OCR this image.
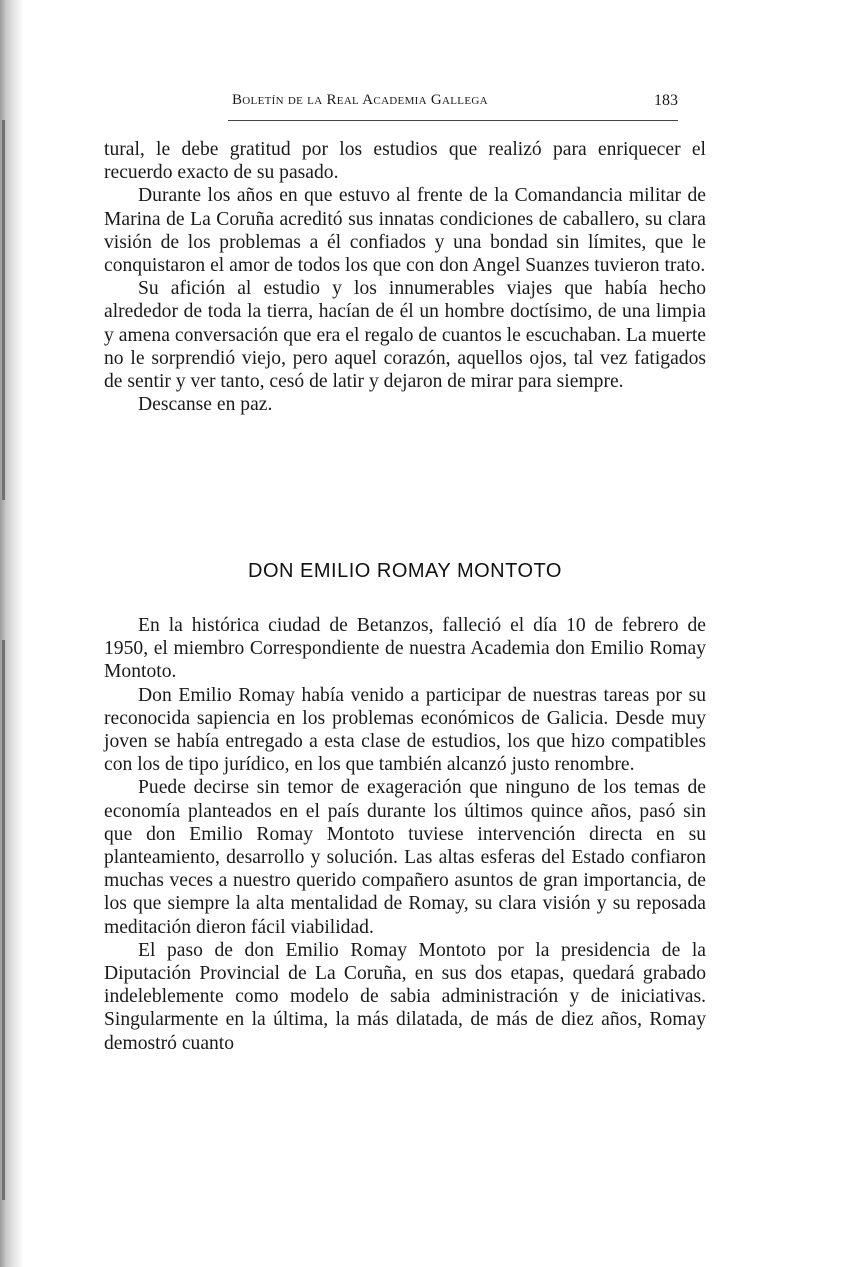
Boletín de la Real Academia Gallega	183

tural, le debe gratitud por los estudios que realizó para enriquecer el recuerdo exacto de su pasado.

Durante los años en que estuvo al frente de la Comandancia militar de Marina de La Coruña acreditó sus innatas condiciones de caballero, su clara visión de los problemas a él confiados y una bondad sin límites, que le conquistaron el amor de todos los que con don Angel Suanzes tuvieron trato.

Su afición al estudio y los innumerables viajes que había hecho alrededor de toda la tierra, hacían de él un hombre doctísimo, de una limpia y amena conversación que era el regalo de cuantos le escuchaban. La muerte no le sorprendió viejo, pero aquel corazón, aquellos ojos, tal vez fatigados de sentir y ver tanto, cesó de latir y dejaron de mirar para siempre.

Descanse en paz.

DON EMILIO ROMAY MONTOTO

En la histórica ciudad de Betanzos, falleció el día 10 de febrero de 1950, el miembro Correspondiente de nuestra Academia don Emilio Romay Montoto.

Don Emilio Romay había venido a participar de nuestras tareas por su reconocida sapiencia en los problemas económicos de Galicia. Desde muy joven se había entregado a esta clase de estudios, los que hizo compatibles con los de tipo jurídico, en los que también alcanzó justo renombre.

Puede decirse sin temor de exageración que ninguno de los temas de economía planteados en el país durante los últimos quince años, pasó sin que don Emilio Romay Montoto tuviese intervención directa en su planteamiento, desarrollo y solución. Las altas esferas del Estado confiaron muchas veces a nuestro querido compañero asuntos de gran importancia, de los que siempre la alta mentalidad de Romay, su clara visión y su reposada meditación dieron fácil viabilidad.

El paso de don Emilio Romay Montoto por la presidencia de la Diputación Provincial de La Coruña, en sus dos etapas, quedará grabado indeleblemente como modelo de sabia administración y de iniciativas. Singularmente en la última, la más dilatada, de más de diez años, Romay demostró cuanto
